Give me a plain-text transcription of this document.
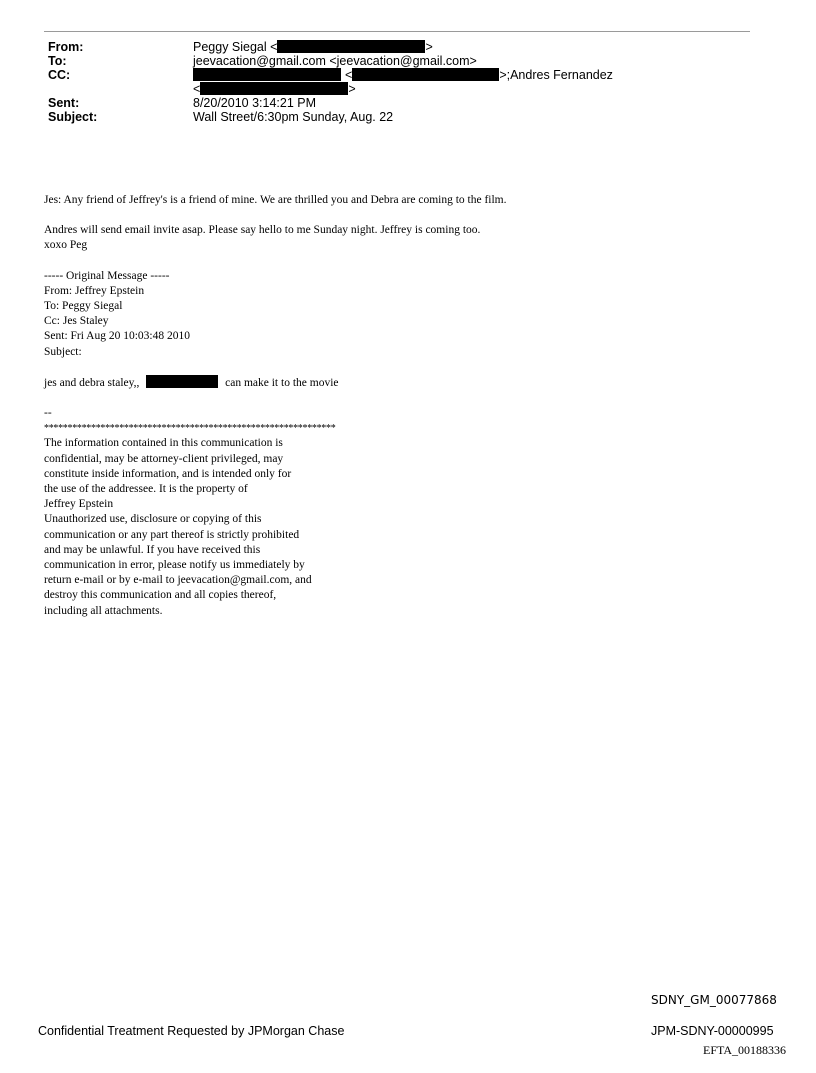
From:	Peggy Siegal <	>
To:	jeevacation@gmail.com <jeevacation@gmail.com>
CC:	<	>;Andres Fernandez
<	>
Sent:	8/20/2010 3:14:21 PM
Subject:	Wall Street/6:30pm Sunday, Aug. 22

Jes: Any friend of Jeffrey's is a friend of mine. We are thrilled you and Debra are coming to the film.

Andres will send email invite asap. Please say hello to me Sunday night. Jeffrey is coming too.

xoxo Peg

----- Original Message -----

From: Jeffrey Epstein

To: Peggy Siegal

Cc: Jes Staley

Sent: Fri Aug 20 10:03:48 2010

Subject:

jes and debra staley,,	can make it to the movie

--

**************************************************************

The information contained in this communication is

confidential, may be attorney-client privileged, may

constitute inside information, and is intended only for

the use of the addressee. It is the property of

Jeffrey Epstein

Unauthorized use, disclosure or copying of this

communication or any part thereof is strictly prohibited

and may be unlawful. If you have received this

communication in error, please notify us immediately by

return e-mail or by e-mail to jeevacation@gmail.com, and

destroy this communication and all copies thereof,

including all attachments.

SDNY_GM_00077868
Confidential Treatment Requested by JPMorgan Chase	JPM-SDNY-00000995
EFTA_00188336
